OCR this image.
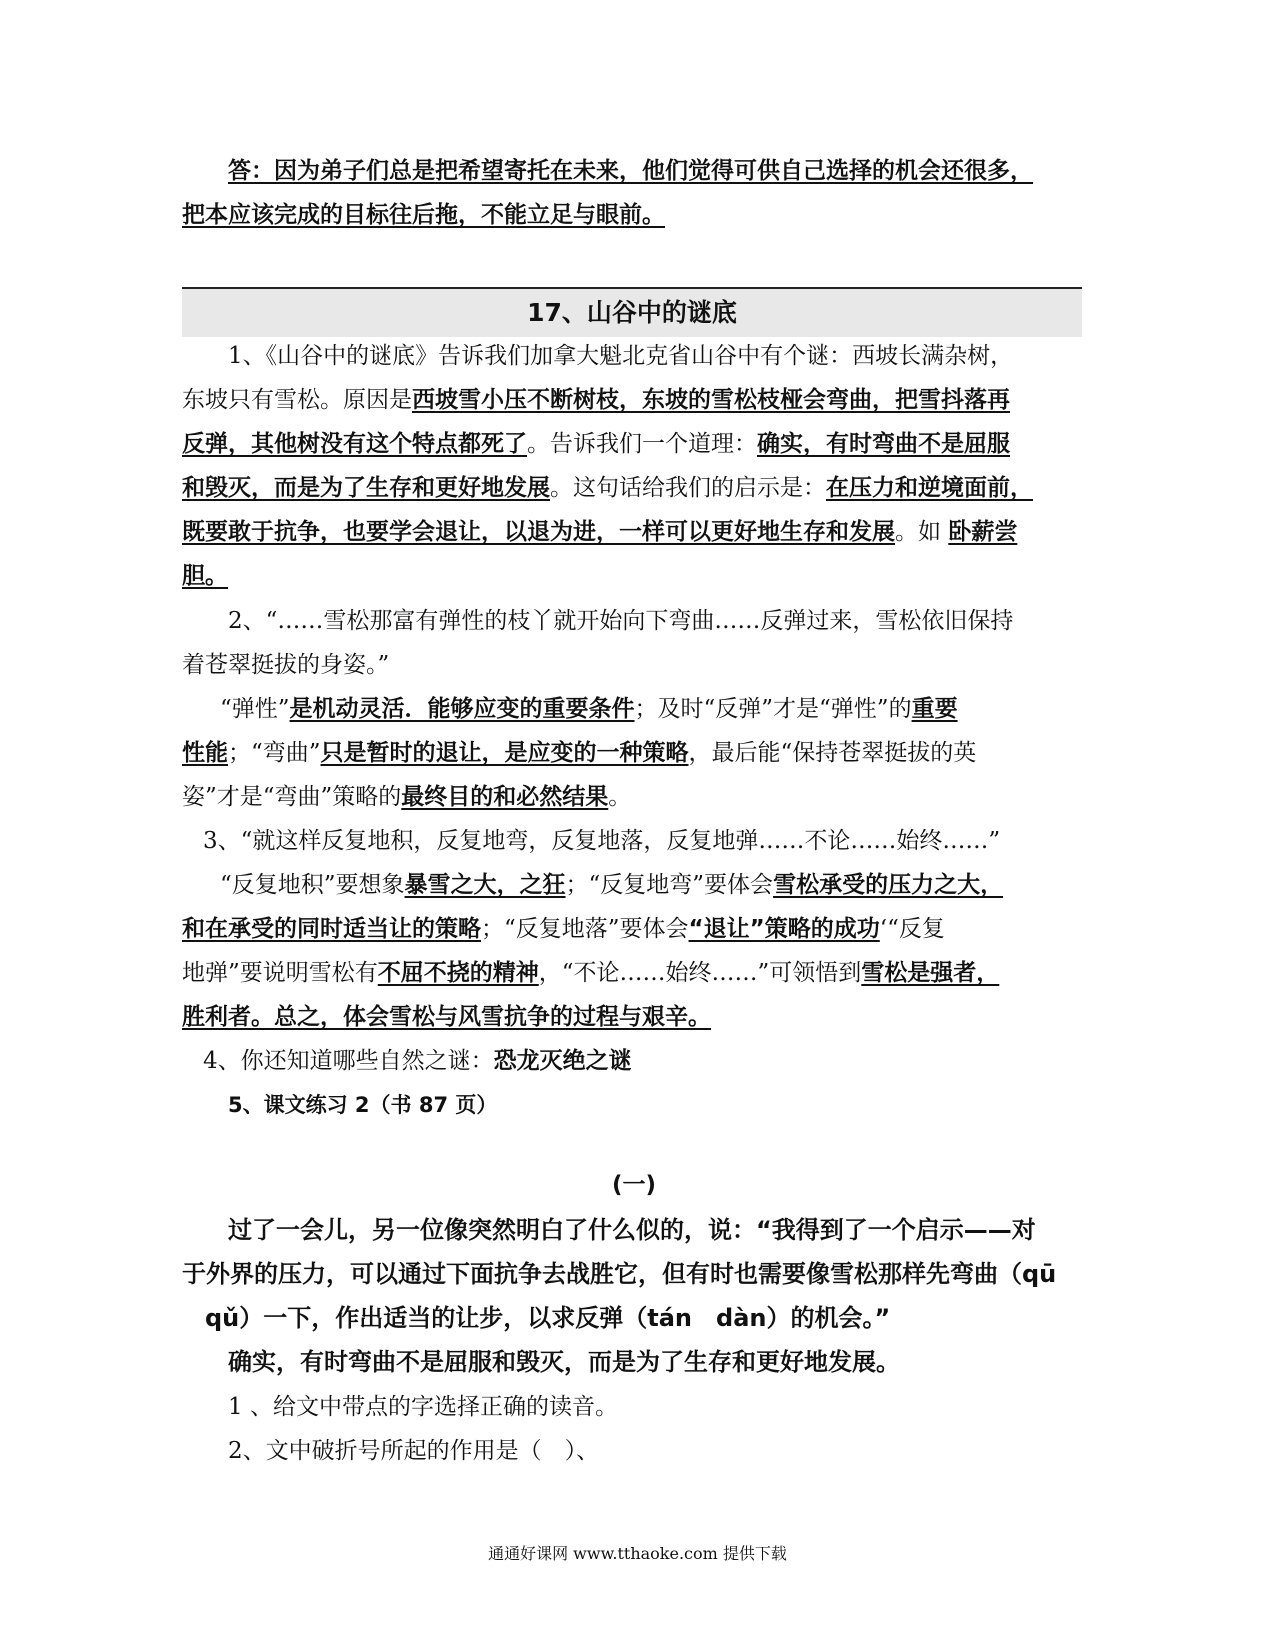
答：因为弟子们总是把希望寄托在未来，他们觉得可供自己选择的机会还很多，
把本应该完成的目标往后拖，不能立足与眼前。
17、山谷中的谜底
1、《山谷中的谜底》告诉我们加拿大魁北克省山谷中有个谜：西坡长满杂树，
东坡只有雪松。原因是西坡雪小压不断树枝，东坡的雪松枝桠会弯曲，把雪抖落再
反弹，其他树没有这个特点都死了。告诉我们一个道理：确实，有时弯曲不是屈服
和毁灭，而是为了生存和更好地发展。这句话给我们的启示是：在压力和逆境面前，
既要敢于抗争，也要学会退让，以退为进，一样可以更好地生存和发展。如 卧薪尝
胆。
2、“……雪松那富有弹性的枝丫就开始向下弯曲……反弹过来，雪松依旧保持
着苍翠挺拔的身姿。”
“弹性”是机动灵活．能够应变的重要条件；及时“反弹”才是“弹性”的重要
性能；“弯曲”只是暂时的退让，是应变的一种策略，最后能“保持苍翠挺拔的英
姿”才是“弯曲”策略的最终目的和必然结果。
3、“就这样反复地积，反复地弯，反复地落，反复地弹……不论……始终……”
“反复地积”要想象暴雪之大，之狂；“反复地弯”要体会雪松承受的压力之大，
和在承受的同时适当让的策略；“反复地落”要体会“退让”策略的成功‘“反复
地弹”要说明雪松有不屈不挠的精神，“不论……始终……”可领悟到雪松是强者，
胜利者。总之，体会雪松与风雪抗争的过程与艰辛。
4、你还知道哪些自然之谜：恐龙灭绝之谜
5、课文练习 2（书 87 页）
(一)
过了一会儿，另一位像突然明白了什么似的，说：“我得到了一个启示——对
于外界的压力，可以通过下面抗争去战胜它，但有时也需要像雪松那样先弯曲（qū
qǔ）一下，作出适当的让步，以求反弹（tán　dàn）的机会。”
确实，有时弯曲不是屈服和毁灭，而是为了生存和更好地发展。
1 、给文中带点的字选择正确的读音。
2、文中破折号所起的作用是（　）、
通通好课网 www.tthaoke.com 提供下载
